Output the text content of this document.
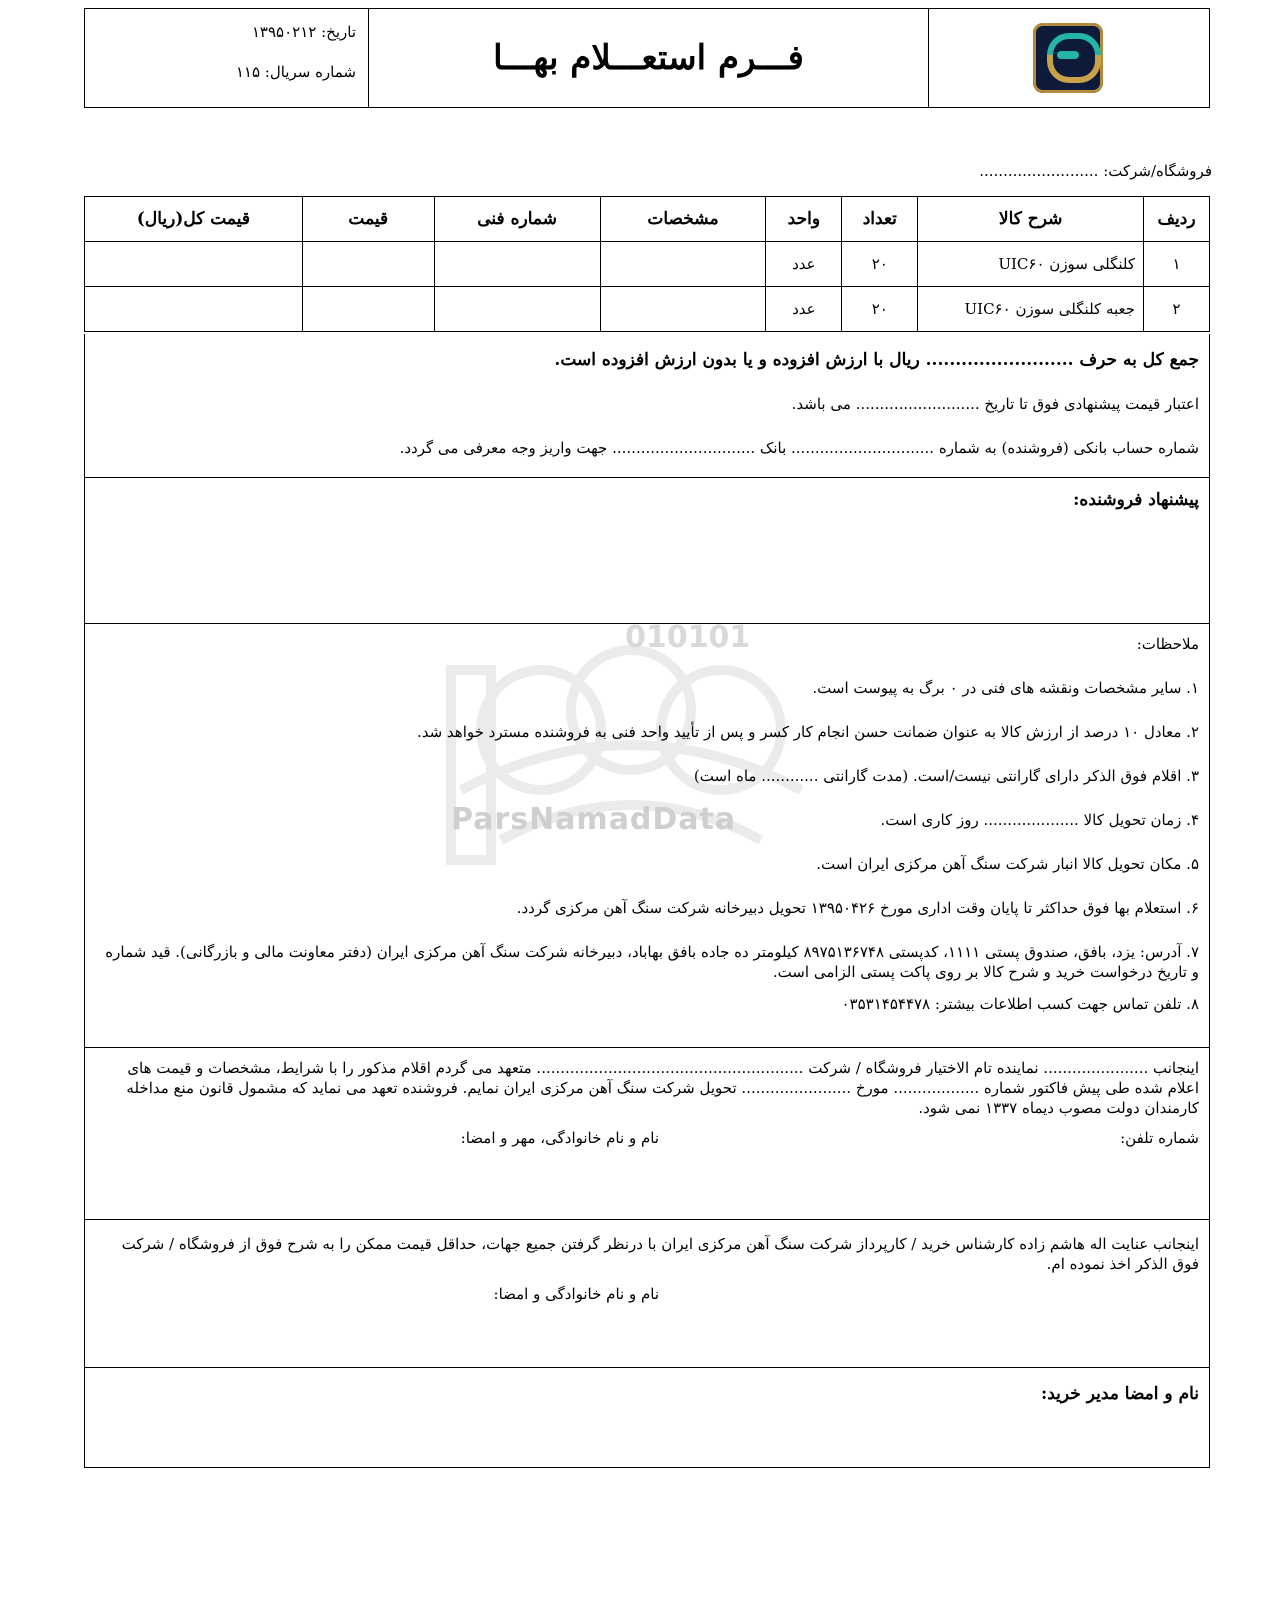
تاریخ: ۱۳۹۵۰۲۱۲
شماره سریال: ۱۱۵	فـــرم استعـــلام بهـــا
فروشگاه/شرکت: .........................
ردیف	شرح کالا	تعداد	واحد	مشخصات	شماره فنی	قیمت	قیمت کل(ریال)
۱	کلنگلی سوزن UIC۶۰	۲۰	عدد				
۲	جعبه کلنگلی سوزن UIC۶۰	۲۰	عدد				
جمع کل به حرف ......................... ریال با ارزش افزوده و یا بدون ارزش افزوده است.
اعتبار قیمت پیشنهادی فوق تا تاریخ .......................... می باشد.
شماره حساب بانکی (فروشنده) به شماره .............................. بانک .............................. جهت واریز وجه معرفی می گردد.
پیشنهاد فروشنده:
010101
ParsNamadData
ملاحظات:
۱. سایر مشخصات ونقشه های فنی در ۰ برگ به پیوست است.
۲. معادل ۱۰ درصد از ارزش کالا به عنوان ضمانت حسن انجام کار کسر و پس از تأیید واحد فنی به فروشنده مسترد خواهد شد.
۳. اقلام فوق الذکر دارای گارانتی نیست/است. (مدت گارانتی ............ ماه است)
۴. زمان تحویل کالا .................... روز کاری است.
۵. مکان تحویل کالا انبار شرکت سنگ آهن مرکزی ایران است.
۶. استعلام بها فوق حداکثر تا پایان وقت اداری مورخ ۱۳۹۵۰۴۲۶ تحویل دبیرخانه شرکت سنگ آهن مرکزی گردد.
۷. آدرس: یزد، بافق، صندوق پستی ۱۱۱۱، کدپستی ۸۹۷۵۱۳۶۷۴۸ کیلومتر ده جاده بافق بهاباد، دبیرخانه شرکت سنگ آهن مرکزی ایران (دفتر معاونت مالی و بازرگانی). قید شماره و تاریخ درخواست خرید و شرح کالا بر روی پاکت پستی الزامی است.
۸. تلفن تماس جهت کسب اطلاعات بیشتر: ۰۳۵۳۱۴۵۴۴۷۸
اینجانب ...................... نماینده تام الاختیار فروشگاه / شرکت ........................................................ متعهد می گردم اقلام مذکور را با شرایط، مشخصات و قیمت های اعلام شده طی پیش فاکتور شماره .................. مورخ ....................... تحویل شرکت سنگ آهن مرکزی ایران نمایم. فروشنده تعهد می نماید که مشمول قانون منع مداخله کارمندان دولت مصوب دیماه ۱۳۳۷ نمی شود.
شماره تلفن:
نام و نام خانوادگی، مهر و امضا:
اینجانب عنایت اله هاشم زاده کارشناس خرید / کارپرداز شرکت سنگ آهن مرکزی ایران با درنظر گرفتن جمیع جهات، حداقل قیمت ممکن را به شرح فوق از فروشگاه / شرکت فوق الذکر اخذ نموده ام.
نام و نام خانوادگی و امضا:
نام و امضا مدیر خرید:
